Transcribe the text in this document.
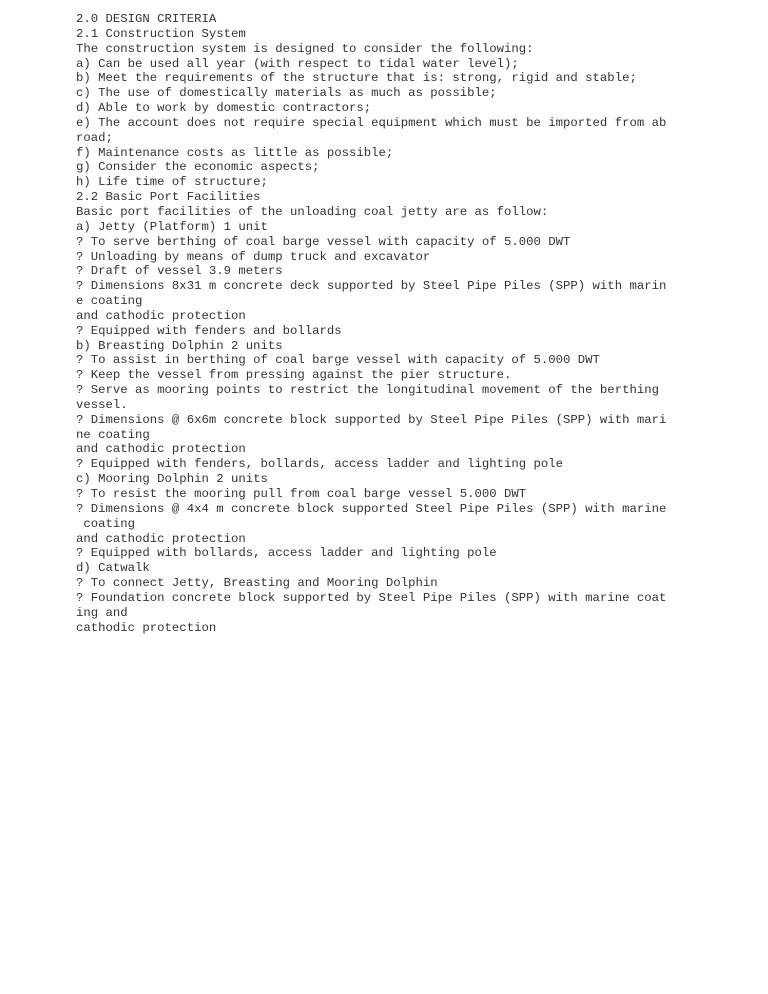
2.0 DESIGN CRITERIA
2.1 Construction System
The construction system is designed to consider the following:
a) Can be used all year (with respect to tidal water level);
b) Meet the requirements of the structure that is: strong, rigid and stable;
c) The use of domestically materials as much as possible;
d) Able to work by domestic contractors;
e) The account does not require special equipment which must be imported from ab
road;
f) Maintenance costs as little as possible;
g) Consider the economic aspects;
h) Life time of structure;
2.2 Basic Port Facilities
Basic port facilities of the unloading coal jetty are as follow:
a) Jetty (Platform) 1 unit
? To serve berthing of coal barge vessel with capacity of 5.000 DWT
? Unloading by means of dump truck and excavator
? Draft of vessel 3.9 meters
? Dimensions 8x31 m concrete deck supported by Steel Pipe Piles (SPP) with marin
e coating
and cathodic protection
? Equipped with fenders and bollards
b) Breasting Dolphin 2 units
? To assist in berthing of coal barge vessel with capacity of 5.000 DWT
? Keep the vessel from pressing against the pier structure.
? Serve as mooring points to restrict the longitudinal movement of the berthing
vessel.
? Dimensions @ 6x6m concrete block supported by Steel Pipe Piles (SPP) with mari
ne coating
and cathodic protection
? Equipped with fenders, bollards, access ladder and lighting pole
c) Mooring Dolphin 2 units
? To resist the mooring pull from coal barge vessel 5.000 DWT
? Dimensions @ 4x4 m concrete block supported Steel Pipe Piles (SPP) with marine
coating
and cathodic protection
? Equipped with bollards, access ladder and lighting pole
d) Catwalk
? To connect Jetty, Breasting and Mooring Dolphin
? Foundation concrete block supported by Steel Pipe Piles (SPP) with marine coat
ing and
cathodic protection
